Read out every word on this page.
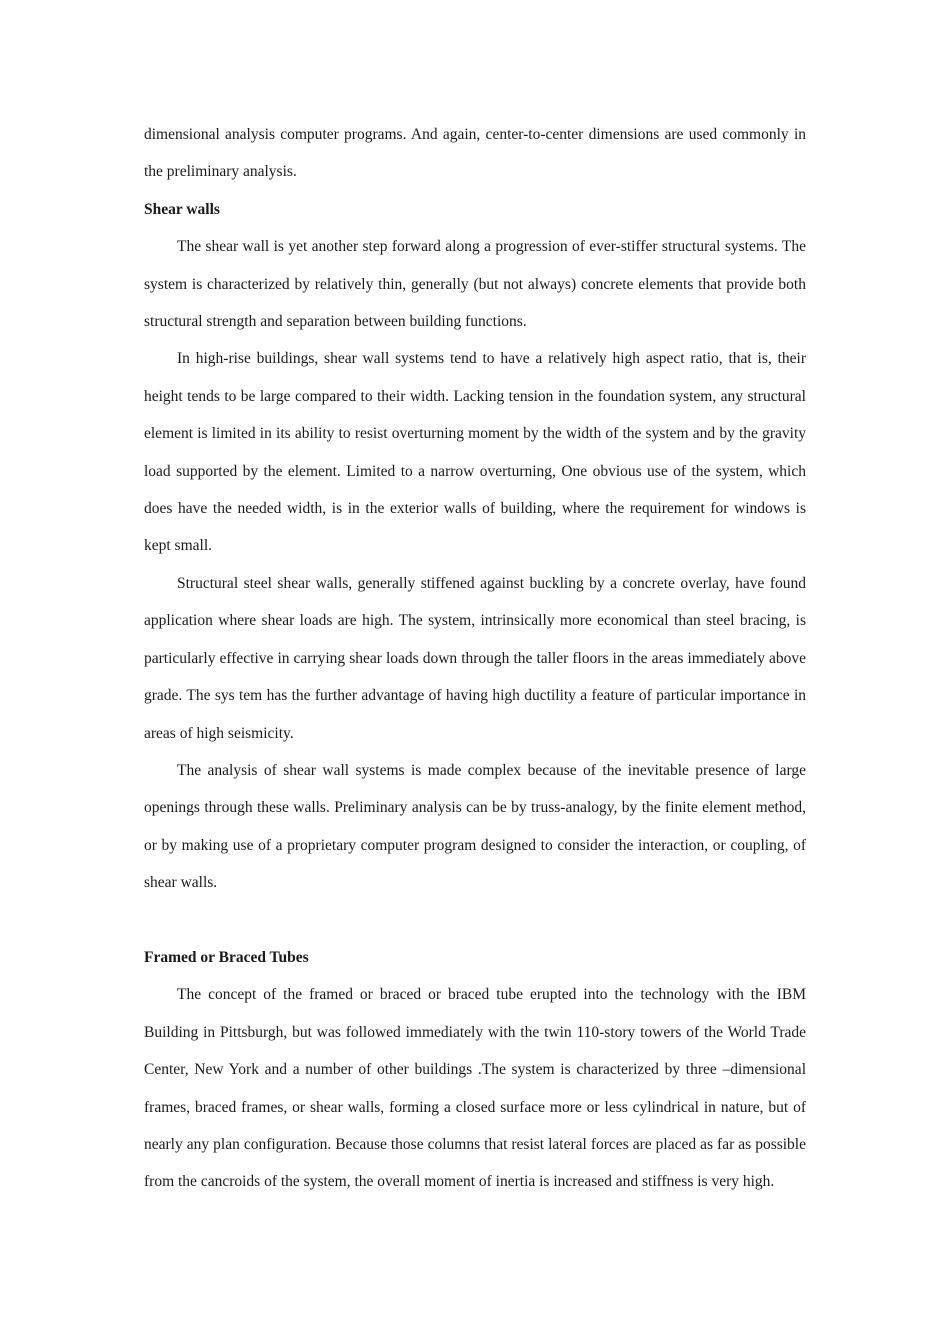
dimensional analysis computer programs. And again, center-to-center dimensions are used commonly in the preliminary analysis.

Shear walls

The shear wall is yet another step forward along a progression of ever-stiffer structural systems. The system is characterized by relatively thin, generally (but not always) concrete elements that provide both structural strength and separation between building functions.

In high-rise buildings, shear wall systems tend to have a relatively high aspect ratio, that is, their height tends to be large compared to their width. Lacking tension in the foundation system, any structural element is limited in its ability to resist overturning moment by the width of the system and by the gravity load supported by the element. Limited to a narrow overturning, One obvious use of the system, which does have the needed width, is in the exterior walls of building, where the requirement for windows is kept small.

Structural steel shear walls, generally stiffened against buckling by a concrete overlay, have found application where shear loads are high. The system, intrinsically more economical than steel bracing, is particularly effective in carrying shear loads down through the taller floors in the areas immediately above grade. The sys tem has the further advantage of having high ductility a feature of particular importance in areas of high seismicity.

The analysis of shear wall systems is made complex because of the inevitable presence of large openings through these walls. Preliminary analysis can be by truss-analogy, by the finite element method, or by making use of a proprietary computer program designed to consider the interaction, or coupling, of shear walls.

Framed or Braced Tubes

The concept of the framed or braced or braced tube erupted into the technology with the IBM Building in Pittsburgh, but was followed immediately with the twin 110-story towers of the World Trade Center, New York and a number of other buildings .The system is characterized by three –dimensional frames, braced frames, or shear walls, forming a closed surface more or less cylindrical in nature, but of nearly any plan configuration. Because those columns that resist lateral forces are placed as far as possible from the cancroids of the system, the overall moment of inertia is increased and stiffness is very high.
